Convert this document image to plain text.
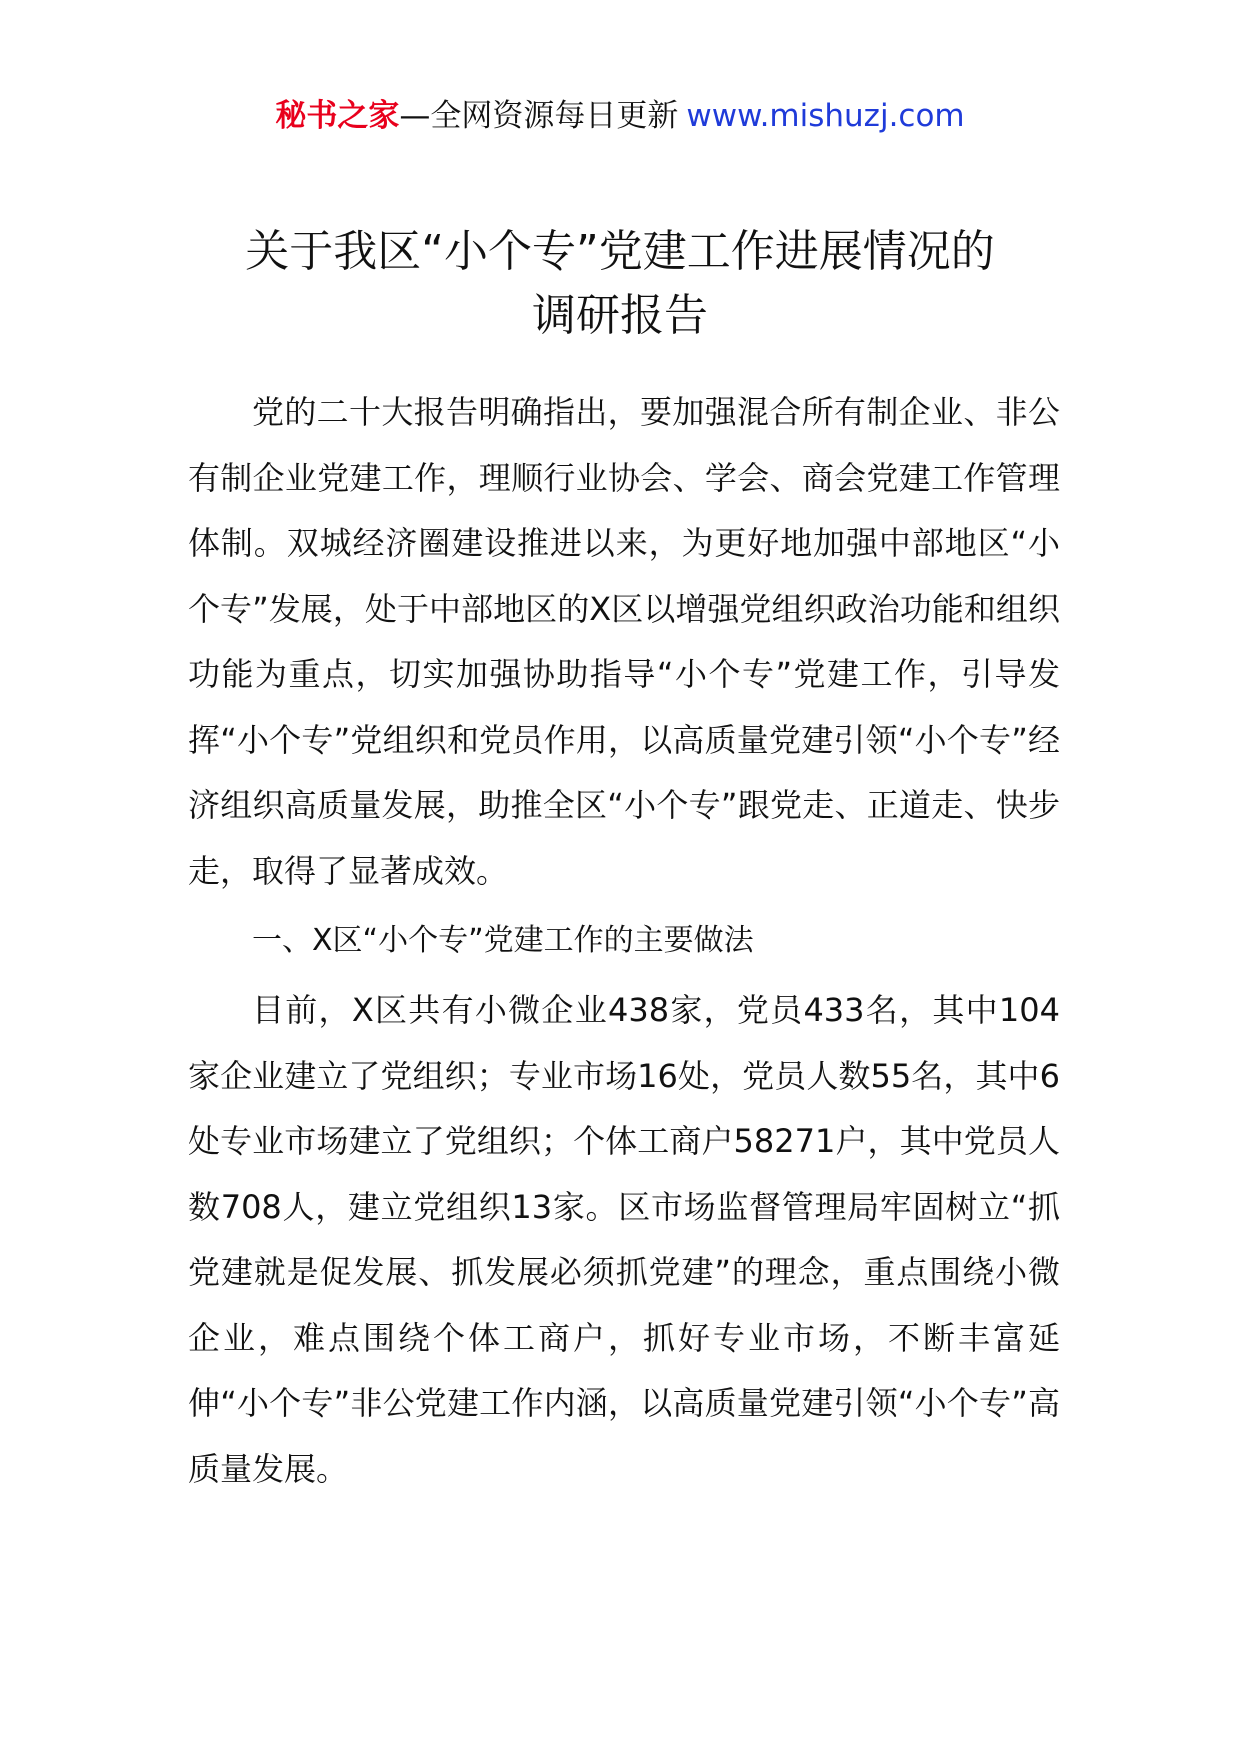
秘书之家—全网资源每日更新 www.mishuzj.com
关于我区“小个专”党建工作进展情况的
调研报告

党的二十大报告明确指出，要加强混合所有制企业、非公有制企业党建工作，理顺行业协会、学会、商会党建工作管理体制。双城经济圈建设推进以来，为更好地加强中部地区“小个专”发展，处于中部地区的X区以增强党组织政治功能和组织功能为重点，切实加强协助指导“小个专”党建工作，引导发挥“小个专”党组织和党员作用，以高质量党建引领“小个专”经济组织高质量发展，助推全区“小个专”跟党走、正道走、快步走，取得了显著成效。

一、X区“小个专”党建工作的主要做法

目前，X区共有小微企业438家，党员433名，其中104家企业建立了党组织；专业市场16处，党员人数55名，其中6处专业市场建立了党组织；个体工商户58271户，其中党员人数708人，建立党组织13家。区市场监督管理局牢固树立“抓党建就是促发展、抓发展必须抓党建”的理念，重点围绕小微企业，难点围绕个体工商户，抓好专业市场，不断丰富延伸“小个专”非公党建工作内涵，以高质量党建引领“小个专”高质量发展。
